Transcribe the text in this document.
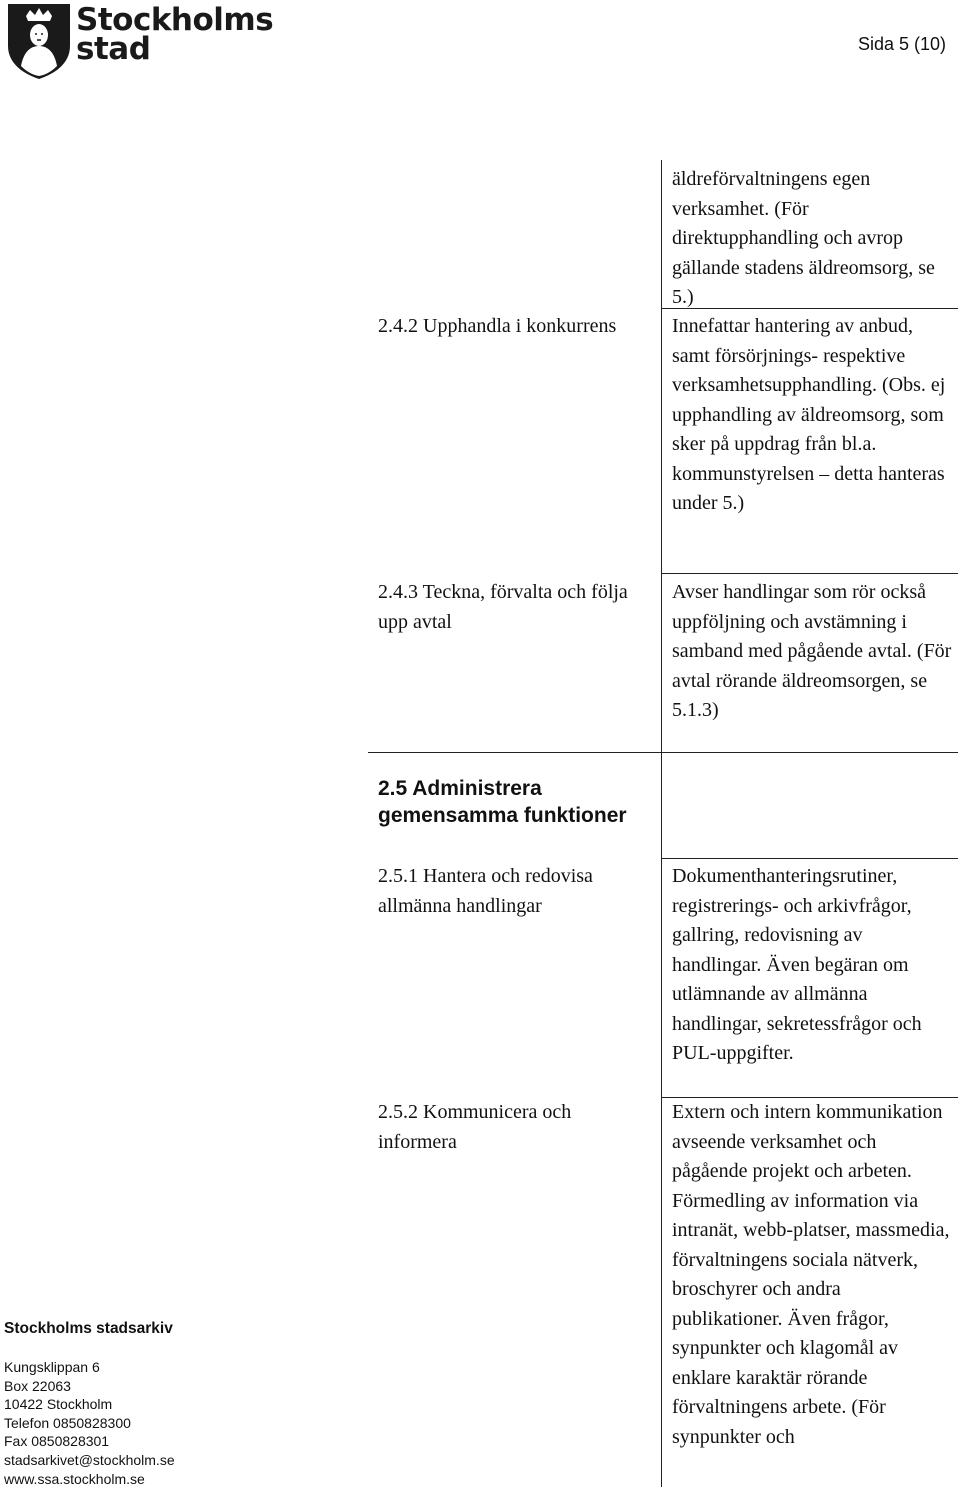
Stockholms
stad	Sida 5 (10)
äldreförvaltningens egen verksamhet. (För direktupphandling och avrop gällande stadens äldreomsorg, se 5.)
2.4.2 Upphandla i konkurrens	Innefattar hantering av anbud, samt försörjnings- respektive verksamhetsupphandling. (Obs. ej upphandling av äldreomsorg, som sker på uppdrag från bl.a. kommunstyrelsen – detta hanteras under 5.)
2.4.3 Teckna, förvalta och följa upp avtal
Avser handlingar som rör också uppföljning och avstämning i samband med pågående avtal. (För avtal rörande äldreomsorgen, se 5.1.3)
2.5 Administrera gemensamma funktioner
2.5.1 Hantera och redovisa allmänna handlingar
Dokumenthanteringsrutiner, registrerings- och arkivfrågor, gallring, redovisning av handlingar. Även begäran om utlämnande av allmänna handlingar, sekretessfrågor och PUL-uppgifter.
2.5.2 Kommunicera och informera
Extern och intern kommunikation avseende verksamhet och pågående projekt och arbeten. Förmedling av information via intranät, webb-platser, massmedia, förvaltningens sociala nätverk, broschyrer och andra publikationer. Även frågor, synpunkter och klagomål av enklare karaktär rörande förvaltningens arbete. (För synpunkter och
Stockholms stadsarkiv
Kungsklippan 6
Box 22063
10422 Stockholm
Telefon 0850828300
Fax 0850828301
stadsarkivet@stockholm.se
www.ssa.stockholm.se
